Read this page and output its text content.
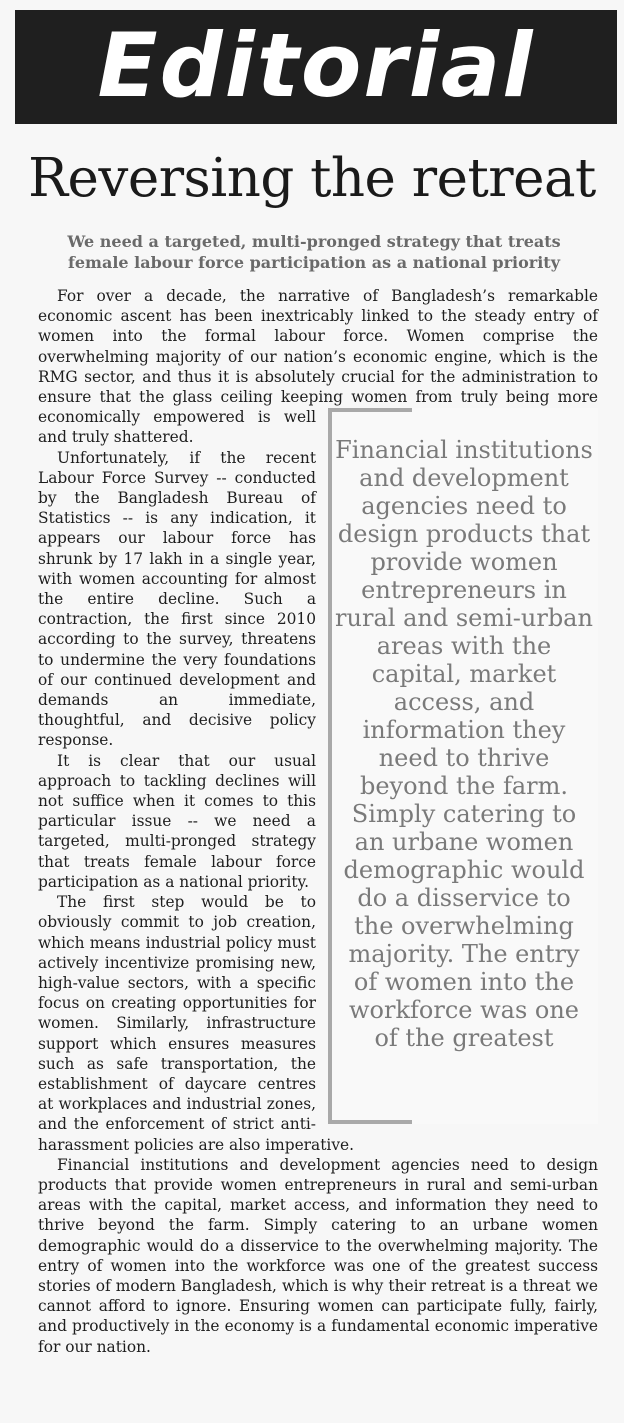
Editorial
Reversing the retreat
We need a targeted, multi-pronged strategy that treats female labour force participation as a national priority
Financial institutions and development agencies need to design products that provide women entrepreneurs in rural and semi-urban areas with the capital, market access, and information they need to thrive beyond the farm. Simply catering to an urbane women demographic would do a disservice to the overwhelming majority. The entry of women into the workforce was one of the greatest

For over a decade, the narrative of Bangladesh’s remarkable economic ascent has been inextricably linked to the steady entry of women into the formal labour force. Women comprise the overwhelming majority of our nation’s economic engine, which is the RMG sector, and thus it is absolutely crucial for the administration to ensure that the glass ceiling keeping women from truly being more economically empowered is well and truly shattered.

Unfortunately, if the recent Labour Force Survey -- conducted by the Bangladesh Bureau of Statistics -- is any indication, it appears our labour force has shrunk by 17 lakh in a single year, with women accounting for almost the entire decline. Such a contraction, the first since 2010 according to the survey, threatens to undermine the very foundations of our continued development and demands an immediate, thoughtful, and decisive policy response.

It is clear that our usual approach to tackling declines will not suffice when it comes to this particular issue -- we need a targeted, multi-pronged strategy that treats female labour force participation as a national priority.

The first step would be to obviously commit to job creation, which means industrial policy must actively incentivize promising new, high-value sectors, with a specific focus on creating opportunities for women. Similarly, infrastructure support which ensures measures such as safe transportation, the establishment of daycare centres at workplaces and industrial zones, and the enforcement of strict anti-harassment policies are also imperative.

Financial institutions and development agencies need to design products that provide women entrepreneurs in rural and semi-urban areas with the capital, market access, and information they need to thrive beyond the farm. Simply catering to an urbane women demographic would do a disservice to the overwhelming majority. The entry of women into the workforce was one of the greatest success stories of modern Bangladesh, which is why their retreat is a threat we cannot afford to ignore. Ensuring women can participate fully, fairly, and productively in the economy is a fundamental economic imperative for our nation.
